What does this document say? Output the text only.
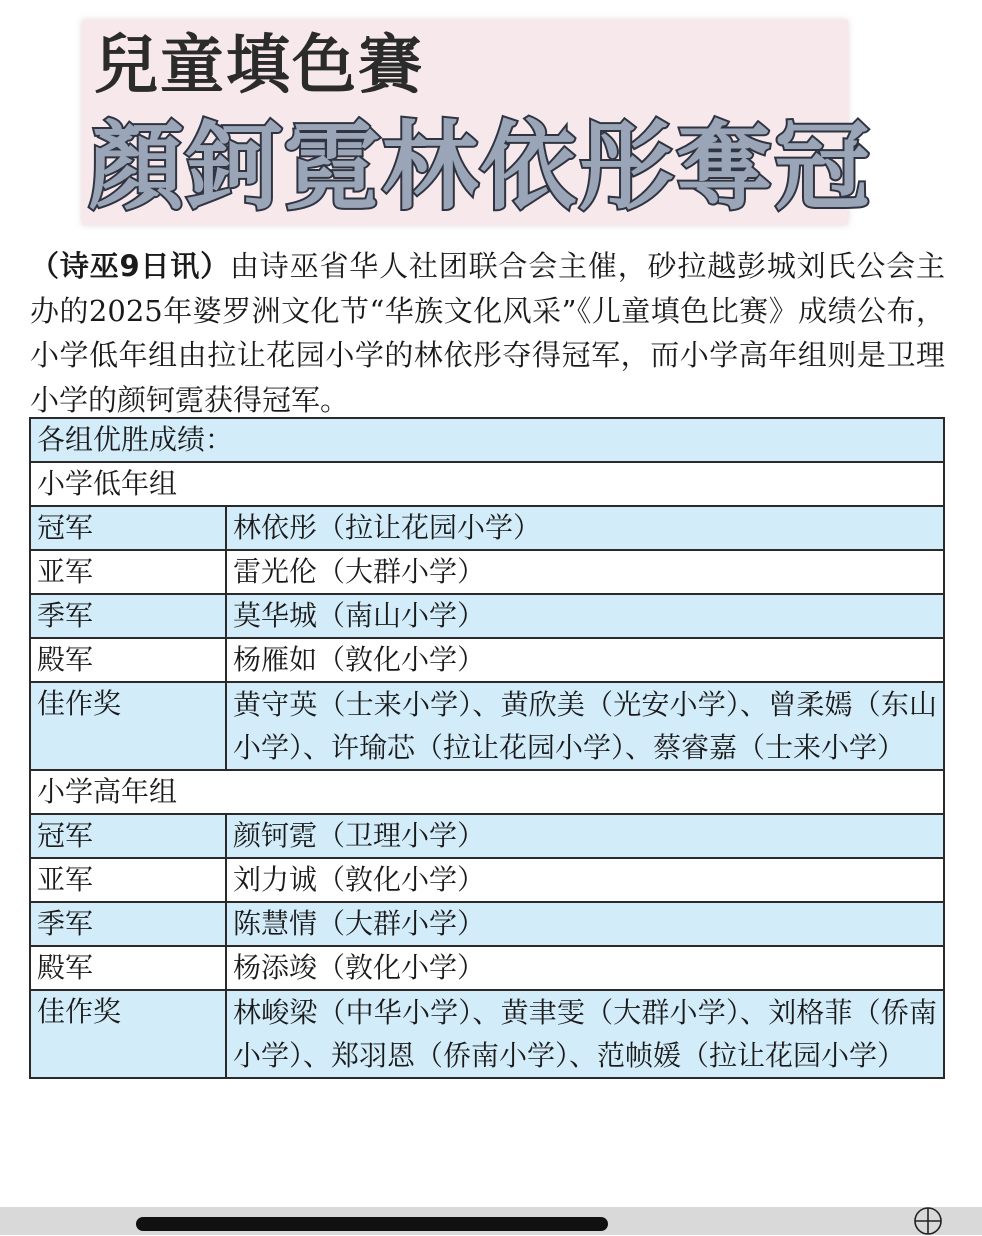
兒童填色賽
顏鈳霓林依彤奪冠

（诗巫9日讯）由诗巫省华人社团联合会主催，砂拉越彭城刘氏公会主办的2025年婆罗洲文化节“华族文化风采”《儿童填色比赛》成绩公布，小学低年组由拉让花园小学的林依彤夺得冠军，而小学高年组则是卫理小学的颜钶霓获得冠军。

各组优胜成绩：	
小学低年组	
冠军	林依彤（拉让花园小学）
亚军	雷光伦（大群小学）
季军	莫华城（南山小学）
殿军	杨雁如（敦化小学）
佳作奖	黄守英（士来小学）、黄欣美（光安小学）、曾柔嫣（东山小学）、许瑜芯（拉让花园小学）、蔡睿嘉（士来小学）
小学高年组	
冠军	颜钶霓（卫理小学）
亚军	刘力诚（敦化小学）
季军	陈慧情（大群小学）
殿军	杨添竣（敦化小学）
佳作奖	林峻梁（中华小学）、黄聿雯（大群小学）、刘格菲（侨南小学）、郑羽恩（侨南小学）、范帧媛（拉让花园小学）
